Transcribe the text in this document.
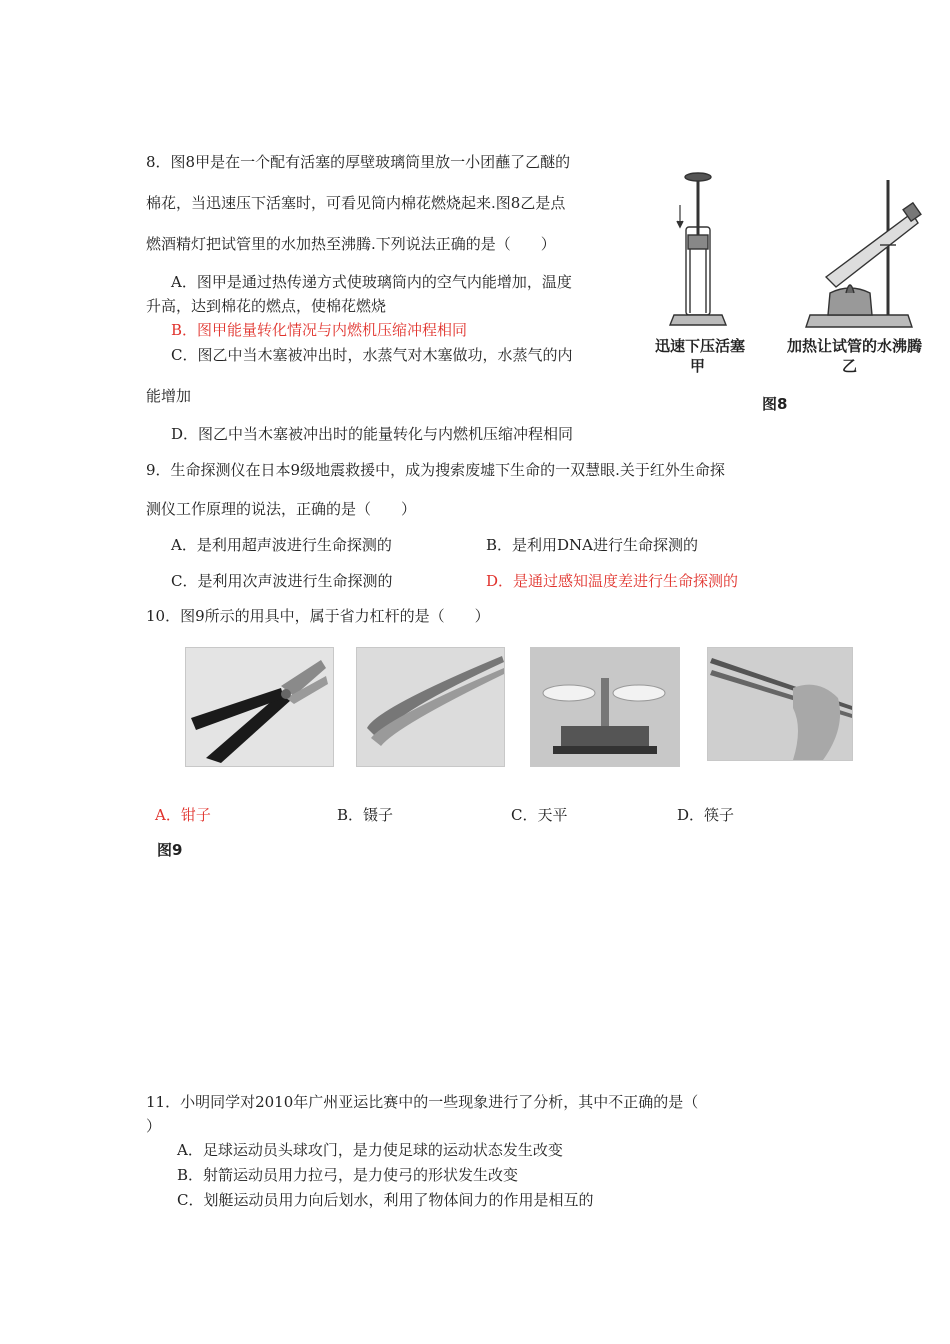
8．图8甲是在一个配有活塞的厚壁玻璃筒里放一小团蘸了乙醚的
棉花，当迅速压下活塞时，可看见筒内棉花燃烧起来.图8乙是点
燃酒精灯把试管里的水加热至沸腾.下列说法正确的是（　　）
A．图甲是通过热传递方式使玻璃筒内的空气内能增加，温度
升高，达到棉花的燃点，使棉花燃烧
B．图甲能量转化情况与内燃机压缩冲程相同
C．图乙中当木塞被冲出时，水蒸气对木塞做功，水蒸气的内
能增加
D．图乙中当木塞被冲出时的能量转化与内燃机压缩冲程相同
迅速下压活塞
甲
加热让试管的水沸腾
乙
图8
9．生命探测仪在日本9级地震救援中，成为搜索废墟下生命的一双慧眼.关于红外生命探
测仪工作原理的说法，正确的是（　　）
A．是利用超声波进行生命探测的	B．是利用DNA进行生命探测的
C．是利用次声波进行生命探测的	D．是通过感知温度差进行生命探测的
10．图9所示的用具中，属于省力杠杆的是（　　）
A．钳子	B．镊子	C．天平	D．筷子
图9
11．小明同学对2010年广州亚运比赛中的一些现象进行了分析，其中不正确的是（
）
A．足球运动员头球攻门，是力使足球的运动状态发生改变
B．射箭运动员用力拉弓，是力使弓的形状发生改变
C．划艇运动员用力向后划水，利用了物体间力的作用是相互的
